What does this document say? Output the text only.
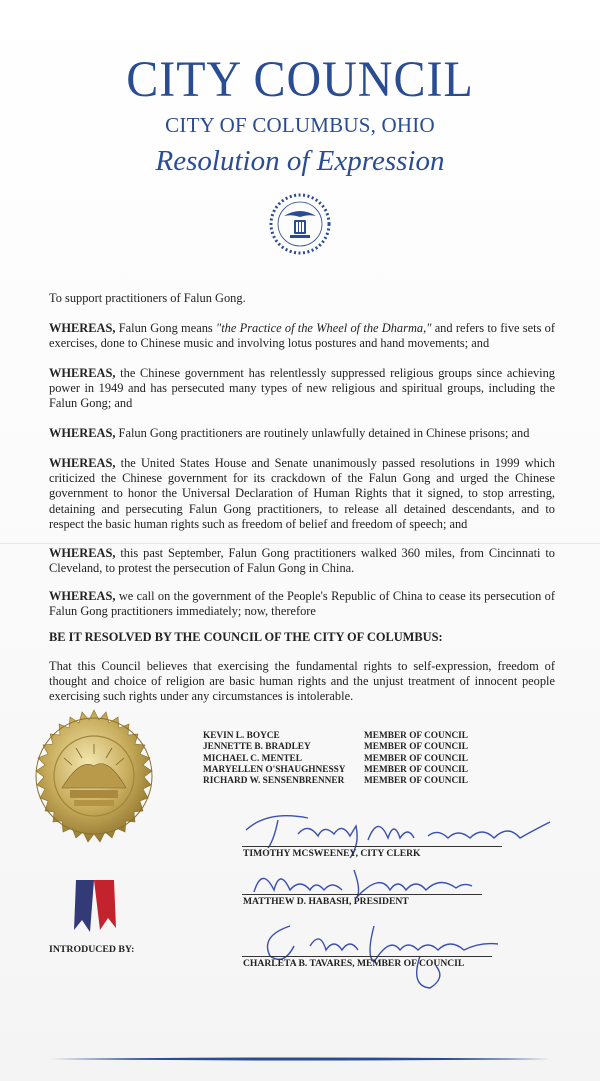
CITY COUNCIL
CITY OF COLUMBUS, OHIO
Resolution of Expression
To support practitioners of Falun Gong.
WHEREAS, Falun Gong means "the Practice of the Wheel of the Dharma," and refers to five sets of exercises, done to Chinese music and involving lotus postures and hand movements; and
WHEREAS, the Chinese government has relentlessly suppressed religious groups since achieving power in 1949 and has persecuted many types of new religious and spiritual groups, including the Falun Gong; and
WHEREAS, Falun Gong practitioners are routinely unlawfully detained in Chinese prisons; and
WHEREAS, the United States House and Senate unanimously passed resolutions in 1999 which criticized the Chinese government for its crackdown of the Falun Gong and urged the Chinese government to honor the Universal Declaration of Human Rights that it signed, to stop arresting, detaining and persecuting Falun Gong practitioners, to release all detained descendants, and to respect the basic human rights such as freedom of belief and freedom of speech; and
WHEREAS, this past September, Falun Gong practitioners walked 360 miles, from Cincinnati to Cleveland, to protest the persecution of Falun Gong in China.
WHEREAS, we call on the government of the People's Republic of China to cease its persecution of Falun Gong practitioners immediately; now, therefore
BE IT RESOLVED BY THE COUNCIL OF THE CITY OF COLUMBUS:
That this Council believes that exercising the fundamental rights to self-expression, freedom of thought and choice of religion are basic human rights and the unjust treatment of innocent people exercising such rights under any circumstances is intolerable.
KEVIN L. BOYCE	MEMBER OF COUNCIL
JENNETTE B. BRADLEY	MEMBER OF COUNCIL
MICHAEL C. MENTEL	MEMBER OF COUNCIL
MARYELLEN O'SHAUGHNESSY	MEMBER OF COUNCIL
RICHARD W. SENSENBRENNER	MEMBER OF COUNCIL
TIMOTHY MCSWEENEY, CITY CLERK
MATTHEW D. HABASH, PRESIDENT
INTRODUCED BY:
CHARLETA B. TAVARES, MEMBER OF COUNCIL
